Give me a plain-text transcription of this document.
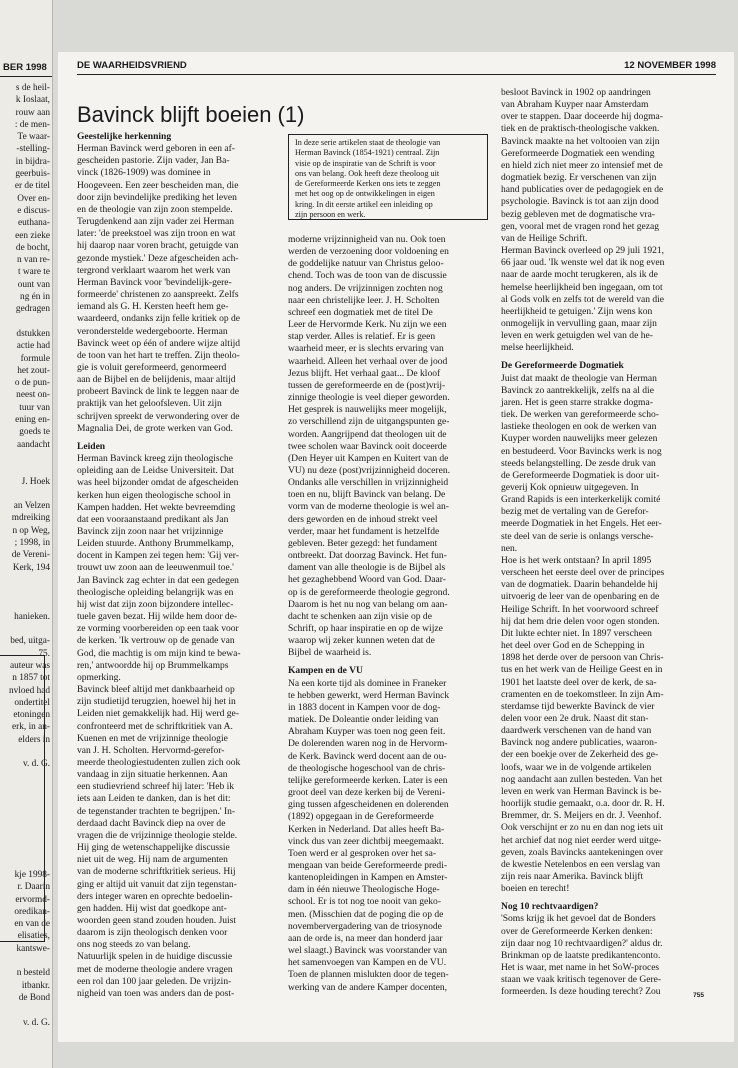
BER 1998
s de heil-
k Ioslaat,
rouw aan
: de men-
Te waar-
-stelling-
in bijdra-
geerbuis-
er de titel
Over en-
e discus-
euthana-
een zieke
de bocht,
n van re-
t ware te
ount van
ng én in
gedragen

dstukken
actie had
formule
het zout-
o de pun-
neest on-
tuur van
ening en-
goeds te
aandacht

J. Hoek

an Velzen
mdreiking
n op Weg,
; 1998, in
de Vereni-
Kerk, 194

hanieken.

bed, uitga-
75.
auteur was
n 1857 tot
nvloed had
ondertitel
etoningen
erk, in an-
elders in

v. d. G.

kje 1998-
r. Daarin
ervormd-
oredikan-
en van de
elisaties,
kantswe-

n besteld
itbankr.
de Bond

v. d. G.
DE WAARHEIDSVRIEND	12 NOVEMBER 1998
Bavinck blijft boeien (1)
In deze serie artikelen staat de theologie van
Herman Bavinck (1854-1921) centraal. Zijn
visie op de inspiratie van de Schrift is voor
ons van belang. Ook heeft deze theoloog uit
de Gereformeerde Kerken ons iets te zeggen
met het oog op de ontwikkelingen in eigen
kring. In dit eerste artikel een inleiding op
zijn persoon en werk.
Geestelijke herkenning
Herman Bavinck werd geboren in een af-
gescheiden pastorie. Zijn vader, Jan Ba-
vinck (1826-1909) was dominee in
Hoogeveen. Een zeer bescheiden man, die
door zijn bevindelijke prediking het leven
en de theologie van zijn zoon stempelde.
Terugdenkend aan zijn vader zei Herman
later: 'de preekstoel was zijn troon en wat
hij daarop naar voren bracht, getuigde van
gezonde mystiek.' Deze afgescheiden ach-
tergrond verklaart waarom het werk van
Herman Bavinck voor 'bevindelijk-gere-
formeerde' christenen zo aanspreekt. Zelfs
iemand als G. H. Kersten heeft hem ge-
waardeerd, ondanks zijn felle kritiek op de
veronderstelde wedergeboorte. Herman
Bavinck weet op één of andere wijze altijd
de toon van het hart te treffen. Zijn theolo-
gie is voluit gereformeerd, genormeerd
aan de Bijbel en de belijdenis, maar altijd
probeert Bavinck de link te leggen naar de
praktijk van het geloofsleven. Uit zijn
schrijven spreekt de verwondering over de
Magnalia Dei, de grote werken van God.
Leiden
Herman Bavinck kreeg zijn theologische
opleiding aan de Leidse Universiteit. Dat
was heel bijzonder omdat de afgescheiden
kerken hun eigen theologische school in
Kampen hadden. Het wekte bevreemding
dat een vooraanstaand predikant als Jan
Bavinck zijn zoon naar het vrijzinnige
Leiden stuurde. Anthony Brummelkamp,
docent in Kampen zei tegen hem: 'Gij ver-
trouwt uw zoon aan de leeuwenmuil toe.'
Jan Bavinck zag echter in dat een gedegen
theologische opleiding belangrijk was en
hij wist dat zijn zoon bijzondere intellec-
tuele gaven bezat. Hij wilde hem door de-
ze vorming voorbereiden op een taak voor
de kerken. 'Ik vertrouw op de genade van
God, die machtig is om mijn kind te bewa-
ren,' antwoordde hij op Brummelkamps
opmerking.
Bavinck bleef altijd met dankbaarheid op
zijn studietijd terugzien, hoewel hij het in
Leiden niet gemakkelijk had. Hij werd ge-
confronteerd met de schriftkritiek van A.
Kuenen en met de vrijzinnige theologie
van J. H. Scholten. Hervormd-gerefor-
meerde theologiestudenten zullen zich ook
vandaag in zijn situatie herkennen. Aan
een studievriend schreef hij later: 'Heb ik
iets aan Leiden te danken, dan is het dit:
de tegenstander trachten te begrijpen.' In-
derdaad dacht Bavinck diep na over de
vragen die de vrijzinnige theologie stelde.
Hij ging de wetenschappelijke discussie
niet uit de weg. Hij nam de argumenten
van de moderne schriftkritiek serieus. Hij
ging er altijd uit vanuit dat zijn tegenstan-
ders integer waren en oprechte bedoelin-
gen hadden. Hij wist dat goedkope ant-
woorden geen stand zouden houden. Juist
daarom is zijn theologisch denken voor
ons nog steeds zo van belang.
Natuurlijk spelen in de huidige discussie
met de moderne theologie andere vragen
een rol dan 100 jaar geleden. De vrijzin-
nigheid van toen was anders dan de post-
moderne vrijzinnigheid van nu. Ook toen
werden de verzoening door voldoening en
de goddelijke natuur van Christus geloo-
chend. Toch was de toon van de discussie
nog anders. De vrijzinnigen zochten nog
naar een christelijke leer. J. H. Scholten
schreef een dogmatiek met de titel De
Leer de Hervormde Kerk. Nu zijn we een
stap verder. Alles is relatief. Er is geen
waarheid meer, er is slechts ervaring van
waarheid. Alleen het verhaal over de jood
Jezus blijft. Het verhaal gaat... De kloof
tussen de gereformeerde en de (post)vrij-
zinnige theologie is veel dieper geworden.
Het gesprek is nauwelijks meer mogelijk,
zo verschillend zijn de uitgangspunten ge-
worden. Aangrijpend dat theologen uit de
twee scholen waar Bavinck ooit doceerde
(Den Heyer uit Kampen en Kuitert van de
VU) nu deze (post)vrijzinnigheid doceren.
Ondanks alle verschillen in vrijzinnigheid
toen en nu, blijft Bavinck van belang. De
vorm van de moderne theologie is wel an-
ders geworden en de inhoud strekt veel
verder, maar het fundament is hetzelfde
gebleven. Beter gezegd: het fundament
ontbreekt. Dat doorzag Bavinck. Het fun-
dament van alle theologie is de Bijbel als
het gezaghebbend Woord van God. Daar-
op is de gereformeerde theologie gegrond.
Daarom is het nu nog van belang om aan-
dacht te schenken aan zijn visie op de
Schrift, op haar inspiratie en op de wijze
waarop wij zeker kunnen weten dat de
Bijbel de waarheid is.
Kampen en de VU
Na een korte tijd als dominee in Franeker
te hebben gewerkt, werd Herman Bavinck
in 1883 docent in Kampen voor de dog-
matiek. De Doleantie onder leiding van
Abraham Kuyper was toen nog geen feit.
De dolerenden waren nog in de Hervorm-
de Kerk. Bavinck werd docent aan de ou-
de theologische hogeschool van de chris-
telijke gereformeerde kerken. Later is een
groot deel van deze kerken bij de Vereni-
ging tussen afgescheidenen en dolerenden
(1892) opgegaan in de Gereformeerde
Kerken in Nederland. Dat alles heeft Ba-
vinck dus van zeer dichtbij meegemaakt.
Toen werd er al gesproken over het sa-
mengaan van beide Gereformeerde predi-
kantenopleidingen in Kampen en Amster-
dam in één nieuwe Theologische Hoge-
school. Er is tot nog toe nooit van geko-
men. (Misschien dat de poging die op de
novembervergadering van de triosynode
aan de orde is, na meer dan honderd jaar
wel slaagt.) Bavinck was voorstander van
het samenvoegen van Kampen en de VU.
Toen de plannen mislukten door de tegen-
werking van de andere Kamper docenten,
besloot Bavinck in 1902 op aandringen
van Abraham Kuyper naar Amsterdam
over te stappen. Daar doceerde hij dogma-
tiek en de praktisch-theologische vakken.
Bavinck maakte na het voltooien van zijn
Gereformeerde Dogmatiek een wending
en hield zich niet meer zo intensief met de
dogmatiek bezig. Er verschenen van zijn
hand publicaties over de pedagogiek en de
psychologie. Bavinck is tot aan zijn dood
bezig gebleven met de dogmatische vra-
gen, vooral met de vragen rond het gezag
van de Heilige Schrift.
Herman Bavinck overleed op 29 juli 1921,
66 jaar oud. 'Ik wenste wel dat ik nog even
naar de aarde mocht terugkeren, als ik de
hemelse heerlijkheid ben ingegaan, om tot
al Gods volk en zelfs tot de wereld van die
heerlijkheid te getuigen.' Zijn wens kon
onmogelijk in vervulling gaan, maar zijn
leven en werk getuigden wel van de he-
melse heerlijkheid.
De Gereformeerde Dogmatiek
Juist dat maakt de theologie van Herman
Bavinck zo aantrekkelijk, zelfs na al die
jaren. Het is geen starre strakke dogma-
tiek. De werken van gereformeerde scho-
lastieke theologen en ook de werken van
Kuyper worden nauwelijks meer gelezen
en bestudeerd. Voor Bavincks werk is nog
steeds belangstelling. De zesde druk van
de Gereformeerde Dogmatiek is door uit-
geverij Kok opnieuw uitgegeven. In
Grand Rapids is een interkerkelijk comité
bezig met de vertaling van de Gerefor-
meerde Dogmatiek in het Engels. Het eer-
ste deel van de serie is onlangs versche-
nen.
Hoe is het werk ontstaan? In april 1895
verscheen het eerste deel over de principes
van de dogmatiek. Daarin behandelde hij
uitvoerig de leer van de openbaring en de
Heilige Schrift. In het voorwoord schreef
hij dat hem drie delen voor ogen stonden.
Dit lukte echter niet. In 1897 verscheen
het deel over God en de Schepping in
1898 het derde over de persoon van Chris-
tus en het werk van de Heilige Geest en in
1901 het laatste deel over de kerk, de sa-
cramenten en de toekomstleer. In zijn Am-
sterdamse tijd bewerkte Bavinck de vier
delen voor een 2e druk. Naast dit stan-
daardwerk verschenen van de hand van
Bavinck nog andere publicaties, waaron-
der een boekje over de Zekerheid des ge-
loofs, waar we in de volgende artikelen
nog aandacht aan zullen besteden. Van het
leven en werk van Herman Bavinck is be-
hoorlijk studie gemaakt, o.a. door dr. R. H.
Bremmer, dr. S. Meijers en dr. J. Veenhof.
Ook verschijnt er zo nu en dan nog iets uit
het archief dat nog niet eerder werd uitge-
geven, zoals Bavincks aantekeningen over
de kwestie Netelenbos en een verslag van
zijn reis naar Amerika. Bavinck blijft
boeien en terecht!
Nog 10 rechtvaardigen?
'Soms krijg ik het gevoel dat de Bonders
over de Gereformeerde Kerken denken:
zijn daar nog 10 rechtvaardigen?' aldus dr.
Brinkman op de laatste predikantenconto.
Het is waar, met name in het SoW-proces
staan we vaak kritisch tegenover de Gere-
formeerden. Is deze houding terecht? Zou	755
